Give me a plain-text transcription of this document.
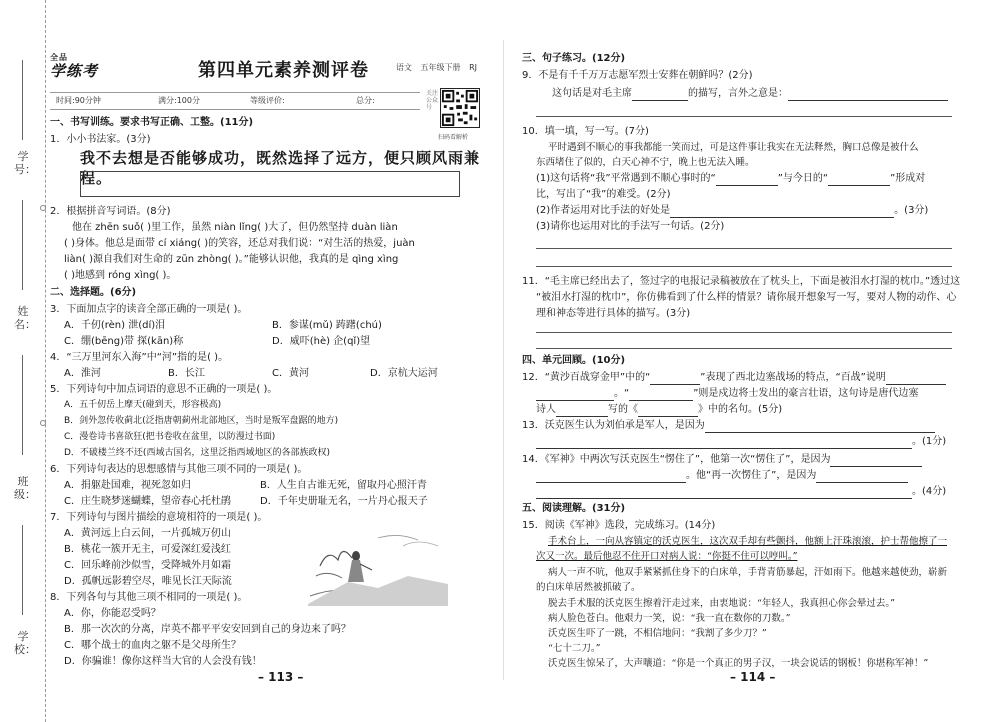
学号：
姓名：
班级：
学校：
全品
学练考	第四单元素养测评卷	语文 五年级下册 RJ
时间:90分钟	满分:100分	等级评价:	总分:
关注公众号
扫码看解析
一、书写训练。要求书写正确、工整。(11分)
1．小小书法家。(3分)
我不去想是否能够成功，既然选择了远方，便只顾风雨兼程。
2．根据拼音写词语。(8分)
他在 zhēn suǒ( )里工作，虽然 niàn lǐng( )大了，但仍然坚持 duàn liàn
( )身体。他总是面带 cí xiáng( )的笑容，还总对我们说：“对生活的热爱，juàn
liàn( )源自我们对生命的 zūn zhòng( )。”能够认识他，我真的是 qìng xìng
( )地感到 róng xìng( )。
二、选择题。(6分)
3．下面加点字的读音全部正确的一项是( )。
A．千仞(rèn) 泄(dí)泪	B．参谋(mǔ) 踌躇(chú)
C．绷(bēng)带 探(kān)称	D．威吓(hè) 企(qǐ)望
4．“三万里河东入海”中“河”指的是( )。
A．淮河	B．长江	C．黄河	D．京杭大运河
5．下列诗句中加点词语的意思不正确的一项是( )。
A．五千仞岳上摩天(碰到天，形容极高)
B．剑外忽传收蓟北(泛指唐朝蓟州北部地区，当时是叛军盘踞的地方)
C．漫卷诗书喜欲狂(把书卷收在盆里，以防漫过书面)
D．不破楼兰终不还(西域古国名，这里泛指西域地区的各部族政权)
6．下列诗句表达的思想感情与其他三项不同的一项是( )。
A．捐躯赴国难，视死忽如归	B．人生自古谁无死，留取丹心照汗青
C．庄生晓梦迷蝴蝶，望帝春心托杜鹃	D．千年史册耻无名，一片丹心报天子
7．下列诗句与图片描绘的意境相符的一项是( )。
A．黄河远上白云间，一片孤城万仞山
B．桃花一簇开无主，可爱深红爱浅红
C．回乐峰前沙似雪，受降城外月如霜
D．孤帆远影碧空尽，唯见长江天际流
8．下列各句与其他三项不相同的一项是( )。
A．你，你能忍受吗？
B．那一次次的分离，岸英不都平平安安回到自己的身边来了吗？
C．哪个战士的血肉之躯不是父母所生？
D．你骗谁！像你这样当大官的人会没有钱！
– 113 –
三、句子练习。(12分)
9．不是有千千万万志愿军烈士安葬在朝鲜吗？(2分)
这句话是对毛主席	的描写，言外之意是：
10．填一填，写一写。(7分)
平时遇到不顺心的事我都能一笑而过，可是这件事让我实在无法释然，胸口总像是被什么
东西堵住了似的，白天心神不宁，晚上也无法入睡。
(1)这句话将“我”平常遇到不顺心事时的“	”与今日的“	”形成对
比，写出了“我”的难受。(2分)
(2)作者运用对比手法的好处是	。(3分)
(3)请你也运用对比的手法写一句话。(2分)
11．“毛主席已经出去了，签过字的电报记录稿被放在了枕头上，下面是被泪水打湿的枕巾。”透过这
“被泪水打湿的枕巾”，你仿佛看到了什么样的情景？请你展开想象写一写，要对人物的动作、心
理和神态等进行具体的描写。(3分)
四、单元回顾。(10分)
12．“黄沙百战穿金甲”中的“	”表现了西北边塞战场的特点，“百战”说明
。“	”则是戍边将士发出的豪言壮语，这句诗是唐代边塞
诗人	写的《	》中的名句。(5分)
13．沃克医生认为刘伯承是军人，是因为
。(1分)
14．《军神》中两次写沃克医生“愣住了”，他第一次“愣住了”，是因为
。他“再一次愣住了”，是因为
。(4分)
五、阅读理解。(31分)
15．阅读《军神》选段，完成练习。(14分)
手术台上，一向从容镇定的沃克医生，这次双手却有些颤抖，他额上汗珠滚滚，护士帮他擦了一
次又一次。最后他忍不住开口对病人说：“你挺不住可以哼叫。”
病人一声不吭，他双手紧紧抓住身下的白床单，手背青筋暴起，汗如雨下。他越来越使劲，崭新
的白床单居然被抓破了。
脱去手术服的沃克医生擦着汗走过来，由衷地说：“年轻人，我真担心你会晕过去。”
病人脸色苍白。他艰力一笑，说：“我一直在数你的刀数。”
沃克医生吓了一跳，不相信地问：“我割了多少刀？”
“七十二刀。”
沃克医生惊呆了，大声嚷道：“你是一个真正的男子汉，一块会说话的钢板！你堪称军神！”
– 114 –
